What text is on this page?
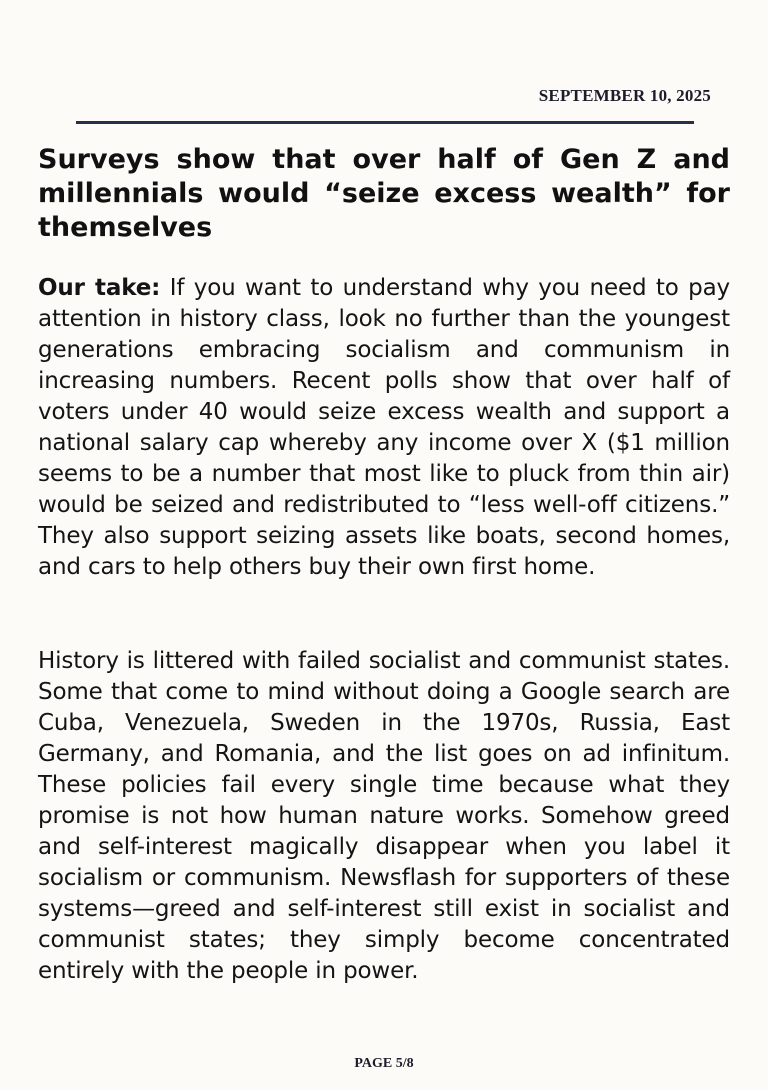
SEPTEMBER 10, 2025
Surveys show that over half of Gen Z and millennials would “seize excess wealth” for themselves

Our take: If you want to understand why you need to pay attention in history class, look no further than the youngest generations embracing socialism and communism in increasing numbers. Recent polls show that over half of voters under 40 would seize excess wealth and support a national salary cap whereby any income over X ($1 million seems to be a number that most like to pluck from thin air) would be seized and redistributed to “less well-off citizens.” They also support seizing assets like boats, second homes, and cars to help others buy their own first home.

History is littered with failed socialist and communist states. Some that come to mind without doing a Google search are Cuba, Venezuela, Sweden in the 1970s, Russia, East Germany, and Romania, and the list goes on ad infinitum. These policies fail every single time because what they promise is not how human nature works. Somehow greed and self-interest magically disappear when you label it socialism or communism. Newsflash for supporters of these systems—greed and self-interest still exist in socialist and communist states; they simply become concentrated entirely with the people in power.

PAGE 5/8
